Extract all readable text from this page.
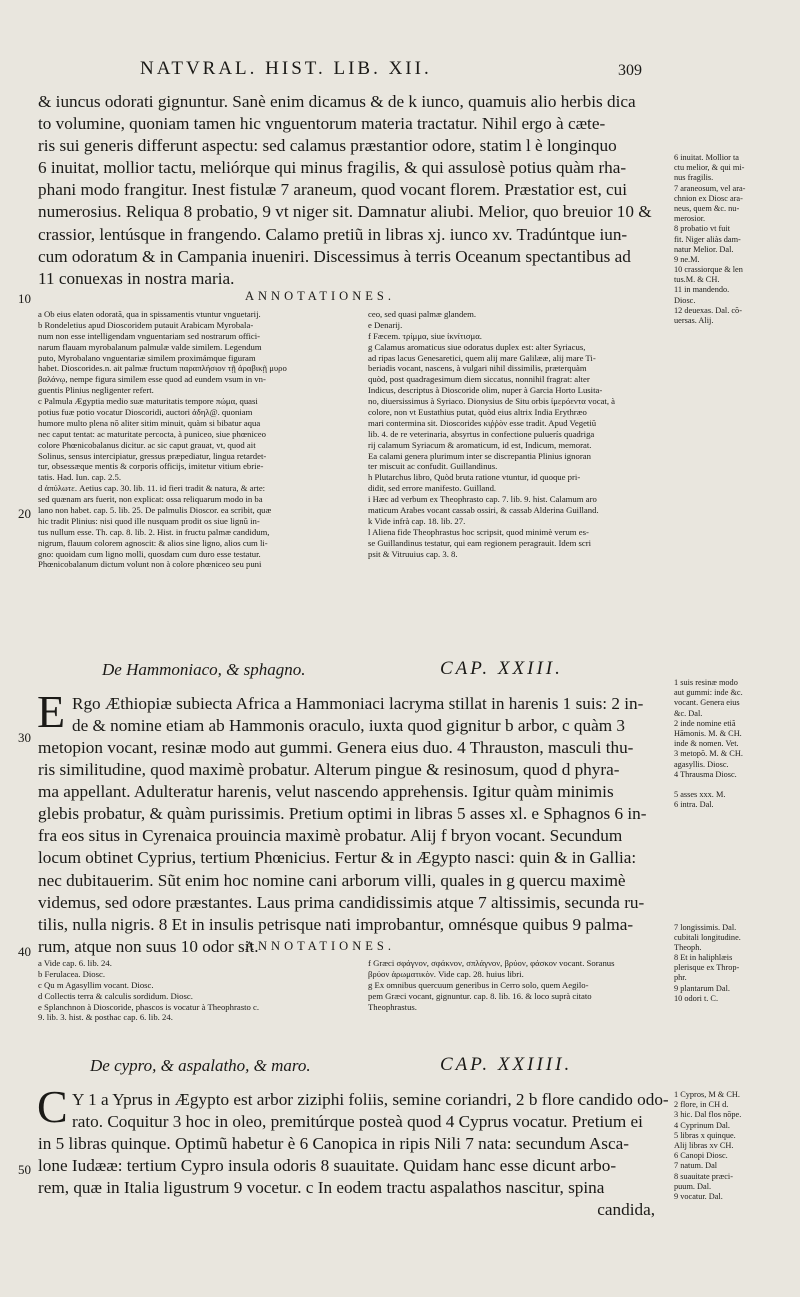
NATVRAL. HIST. LIB. XII.	309
10
20
30
40
50
& iuncus odorati gignuntur. Sanè enim dicamus & de k iunco, quamuis alio herbis dica
to volumine, quoniam tamen hic vnguentorum materia tractatur. Nihil ergo à cæte-
ris sui generis differunt aspectu: sed calamus præstantior odore, statim l è longinquo
6 inuitat, mollior tactu, meliórque qui minus fragilis, & qui assulosè potius quàm rha-
phani modo frangitur. Inest fistulæ 7 araneum, quod vocant florem. Præstatior est, cui
numerosius. Reliqua 8 probatio, 9 vt niger sit. Damnatur aliubi. Melior, quo breuior 10 &
crassior, lentúsque in frangendo. Calamo pretiũ in libras xj. iunco xv. Tradúntque iun-
cum odoratum & in Campania inueniri. Discessimus à terris Oceanum spectantibus ad
11 conuexas in nostra maria.
6 inuitat. Mollior ta
ctu melior, & qui mi-
nus fragilis.
7 araneosum, vel ara-
chnion ex Diosc ara-
neus, quem &c. nu-
merosior.
8 probatio vt fuit
fit. Niger aliàs dam-
natur Melior. Dal.
9 ne.M.
10 crassiorque & len
tus.M. & CH.
11 in mandendo.
Diosc.
12 deuexas. Dal. cõ-
uersas. Alij.
ANNOTATIONES.
a Ob eius elaten odoratã, qua in spissamentis vtuntur vnguetarij.
b Rondeletius apud Dioscoridem putauit Arabicam Myrobala-
num non esse intelligendam vnguentariam sed nostrarum offici-
narum flauam myrobalanum palmulæ valde similem. Legendum
puto, Myrobalano vnguentariæ similem proximámque figuram
habet. Dioscorides.n. ait palmæ fructum παραπλήσιον τῇ ἀραβικῇ μυρο
βαλάνῳ, nempe figura similem esse quod ad eundem vsum in vn-
guentis Plinius negligenter refert.
c Palmula Ægyptia medio suæ maturitatis tempore πώμα, quasi
potius fuæ potio vocatur Dioscoridi, auctori ἀδηλ@. quoniam
humore multo plena nō aliter sitim minuit, quàm si bibatur aqua
nec caput tentat: ac maturitate percocta, à puniceo, siue phœniceo
colore Phœnicobalanus dicitur. ac sic caput grauat, vt, quod ait
Solinus, sensus intercipiatur, gressus præpediatur, lingua retardet-
tur, obsessæque mentis & corporis officijs, imitetur vitium ebrie-
tatis. Had. Iun. cap. 2.5.
d ἀπύλωτε. Aetius cap. 30. lib. 11. id fieri tradit & natura, & arte:
sed quænam ars fuerit, non explicat: ossa reliquarum modo in ba
lano non habet. cap. 5. lib. 25. De palmulis Dioscor. ea scribit, quæ
hic tradit Plinius: nisi quod ille nusquam prodit os siue lignũ in-
tus nullum esse. Th. cap. 8. lib. 2. Hist. in fructu palmæ candidum,
nigrum, flauum colorem agnoscit: & alios sine ligno, alios cum li-
gno: quoidam cum ligno molli, quosdam cum duro esse testatur.
Phœnicobalanum dictum volunt non à colore phœniceo seu puni
ceo, sed quasi palmæ glandem.
e Denarij.
f Fæcem. τρίμμα, siue ἰκνίτισμα.
g Calamus aromaticus siue odoratus duplex est: alter Syriacus,
ad ripas lacus Genesaretici, quem alij mare Galilææ, alij mare Ti-
beriadis vocant, nascens, à vulgari nihil dissimilis, præterquàm
quòd, post quadragesimum diem siccatus, nonnihil fragrat: alter
Indicus, descriptus à Dioscoride olim, nuper à Garcia Horto Lusita-
no, diuersissimus à Syriaco. Dionysius de Situ orbis ἰμερόεντα vocat, à
colore, non vt Eustathius putat, quòd eius altrix India Erythræo
mari contermina sit. Dioscorides κιῤῥὸν esse tradit. Apud Vegetiũ
lib. 4. de re veterinaria, absyrtus in confectione puluerís quadriga
rij calamum Syriacum & aromaticum, id est, Indicum, memorat.
Ea calami genera plurimum inter se discrepantia Plinius ignoran
ter miscuit ac confudit. Guillandinus.
h Plutarchus libro, Quòd bruta ratione vtuntur, id quoque pri-
didit, sed errore manifesto. Guilland.
i Hæc ad verbum ex Theophrasto cap. 7. lib. 9. hist. Calamum aro
maticum Arabes vocant cassab ossiri, & cassab Alderina Guilland.
k Vide infrà cap. 18. lib. 27.
l Aliena fide Theophrastus hoc scripsit, quod minimè verum es-
se Guillandinus testatur, qui eam regionem peragrauit. Idem scri
psit & Vitruuius cap. 3. 8.
De Hammoniaco, & sphagno.	CAP. XXIII.
E Rgo Æthiopiæ subiecta Africa a Hammoniaci lacryma stillat in harenis 1 suis: 2 in-
de & nomine etiam ab Hammonis oraculo, iuxta quod gignitur b arbor, c quàm 3
metopion vocant, resinæ modo aut gummi. Genera eius duo. 4 Thrauston, masculi thu-
ris similitudine, quod maximè probatur. Alterum pingue & resinosum, quod d phyra-
ma appellant. Adulteratur harenis, velut nascendo apprehensis. Igitur quàm minimis
glebis probatur, & quàm purissimis. Pretium optimi in libras 5 asses xl. e Sphagnos 6 in-
fra eos situs in Cyrenaica prouincia maximè probatur. Alij f bryon vocant. Secundum
locum obtinet Cyprius, tertium Phœnicius. Fertur & in Ægypto nasci: quin & in Gallia:
nec dubitauerim. Sũt enim hoc nomine cani arborum villi, quales in g quercu maximè
videmus, sed odore præstantes. Laus prima candidissimis atque 7 altissimis, secunda ru-
tilis, nulla nigris. 8 Et in insulis petrisque nati improbantur, omnésque quibus 9 palma-
rum, atque non suus 10 odor sit.
1 suis resinæ modo
aut gummi: inde &c.
vocant. Genera eius
&c. Dal.
2 inde nomine etiã
Hāmonis. M. & CH.
inde & nomen. Vet.
3 metopõ. M. & CH.
agasyllis. Diosc.
4 Thrausma Diosc.
5 asses xxx. M.
6 intra. Dal.
7 longissimis. Dal.
cubitali longitudine.
Theoph.
8 Et in haliphlæis
plerisque ex Throp-
phr.
9 plantarum Dal.
10 odori t. C.
ANNOTATIONES.
a Vide cap. 6. lib. 24.
b Ferulacea. Diosc.
c Qu m Agasyllim vocant. Diosc.
d Collectis terra & calculis sordidum. Diosc.
e Splanchnon à Dioscoride, phascos is vocatur à Theophrasto c.
9. lib. 3. hist. & posthac cap. 6. lib. 24.
f Græci σφάγνον, σφάκνον, σπλάγνον, βρύον, φάσκον vocant. Soranus
βρύον ἀρωματικὸν. Vide cap. 28. huius libri.
g Ex omnibus quercuum generibus in Cerro solo, quem Aegilo-
pem Græci vocant, gignuntur. cap. 8. lib. 16. & loco suprà citato
Theophrastus.
De cypro, & aspalatho, & maro.	CAP. XXIIII.
C Y 1 a Yprus in Ægypto est arbor ziziphi foliis, semine coriandri, 2 b flore candido odo-
rato. Coquitur 3 hoc in oleo, premitúrque posteà quod 4 Cyprus vocatur. Pretium ei
in 5 libras quinque. Optimũ habetur è 6 Canopica in ripis Nili 7 nata: secundum Asca-
lone Iudææ: tertium Cypro insula odoris 8 suauitate. Quidam hanc esse dicunt arbo-
rem, quæ in Italia ligustrum 9 vocetur. c In eodem tractu aspalathos nascitur, spina
candida,
1 Cypros, M & CH.
2 flore, in CH d.
3 hic. Dal flos nōpe.
4 Cyprinum Dal.
5 libras x quinque.
Alij libras xv CH.
6 Canopi Diosc.
7 natum. Dal
8 suauitate præci-
puum. Dal.
9 vocatur. Dal.
